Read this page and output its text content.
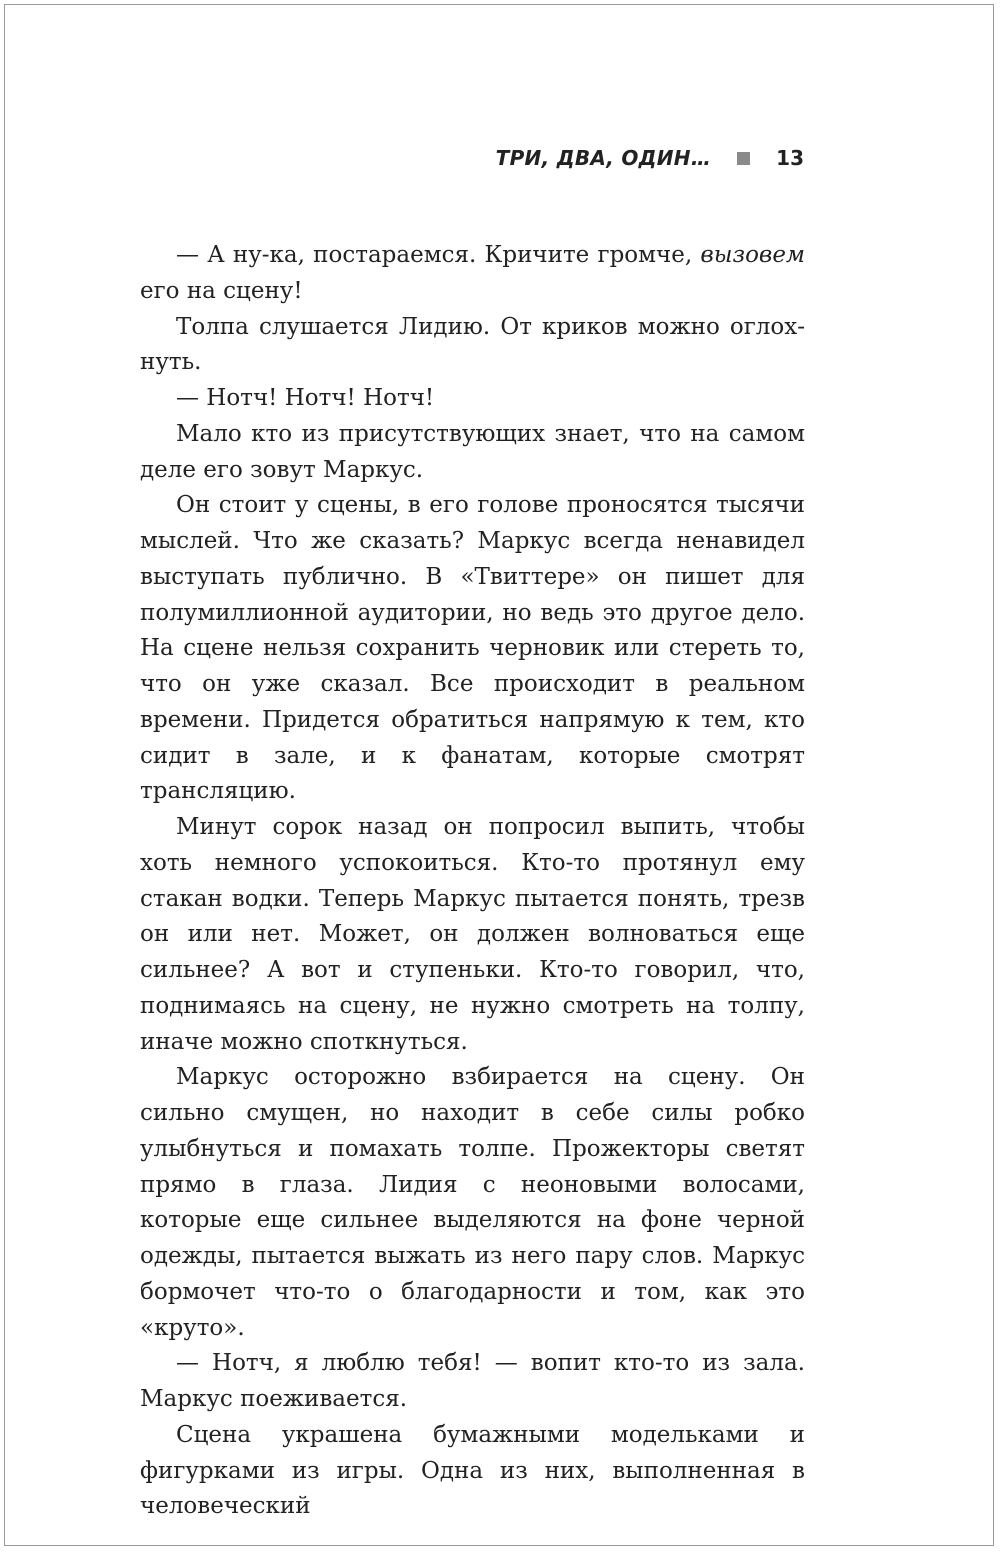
ТРИ, ДВА, ОДИН…	13

— А ну-ка, постараемся. Кричите громче, вызовем его на сцену!

Толпа слушается Лидию. От криков можно оглохнуть.

— Нотч! Нотч! Нотч!

Мало кто из присутствующих знает, что на самом деле его зовут Маркус.

Он стоит у сцены, в его голове проносятся тысячи мыслей. Что же сказать? Маркус всегда ненавидел выступать публично. В «Твиттере» он пишет для полумиллионной аудитории, но ведь это другое дело. На сцене нельзя сохранить черновик или стереть то, что он уже сказал. Все происходит в реальном времени. Придется обратиться напрямую к тем, кто сидит в зале, и к фанатам, которые смотрят трансляцию.

Минут сорок назад он попросил выпить, чтобы хоть немного успокоиться. Кто-то протянул ему стакан водки. Теперь Маркус пытается понять, трезв он или нет. Может, он должен волноваться еще сильнее? А вот и ступеньки. Кто-то говорил, что, поднимаясь на сцену, не нужно смотреть на толпу, иначе можно споткнуться.

Маркус осторожно взбирается на сцену. Он сильно смущен, но находит в себе силы робко улыбнуться и помахать толпе. Прожекторы светят прямо в глаза. Лидия с неоновыми волосами, которые еще сильнее выделяются на фоне черной одежды, пытается выжать из него пару слов. Маркус бормочет что-то о благодарности и том, как это «круто».

— Нотч, я люблю тебя! — вопит кто-то из зала. Маркус поеживается.

Сцена украшена бумажными модельками и фигурками из игры. Одна из них, выполненная в человеческий
